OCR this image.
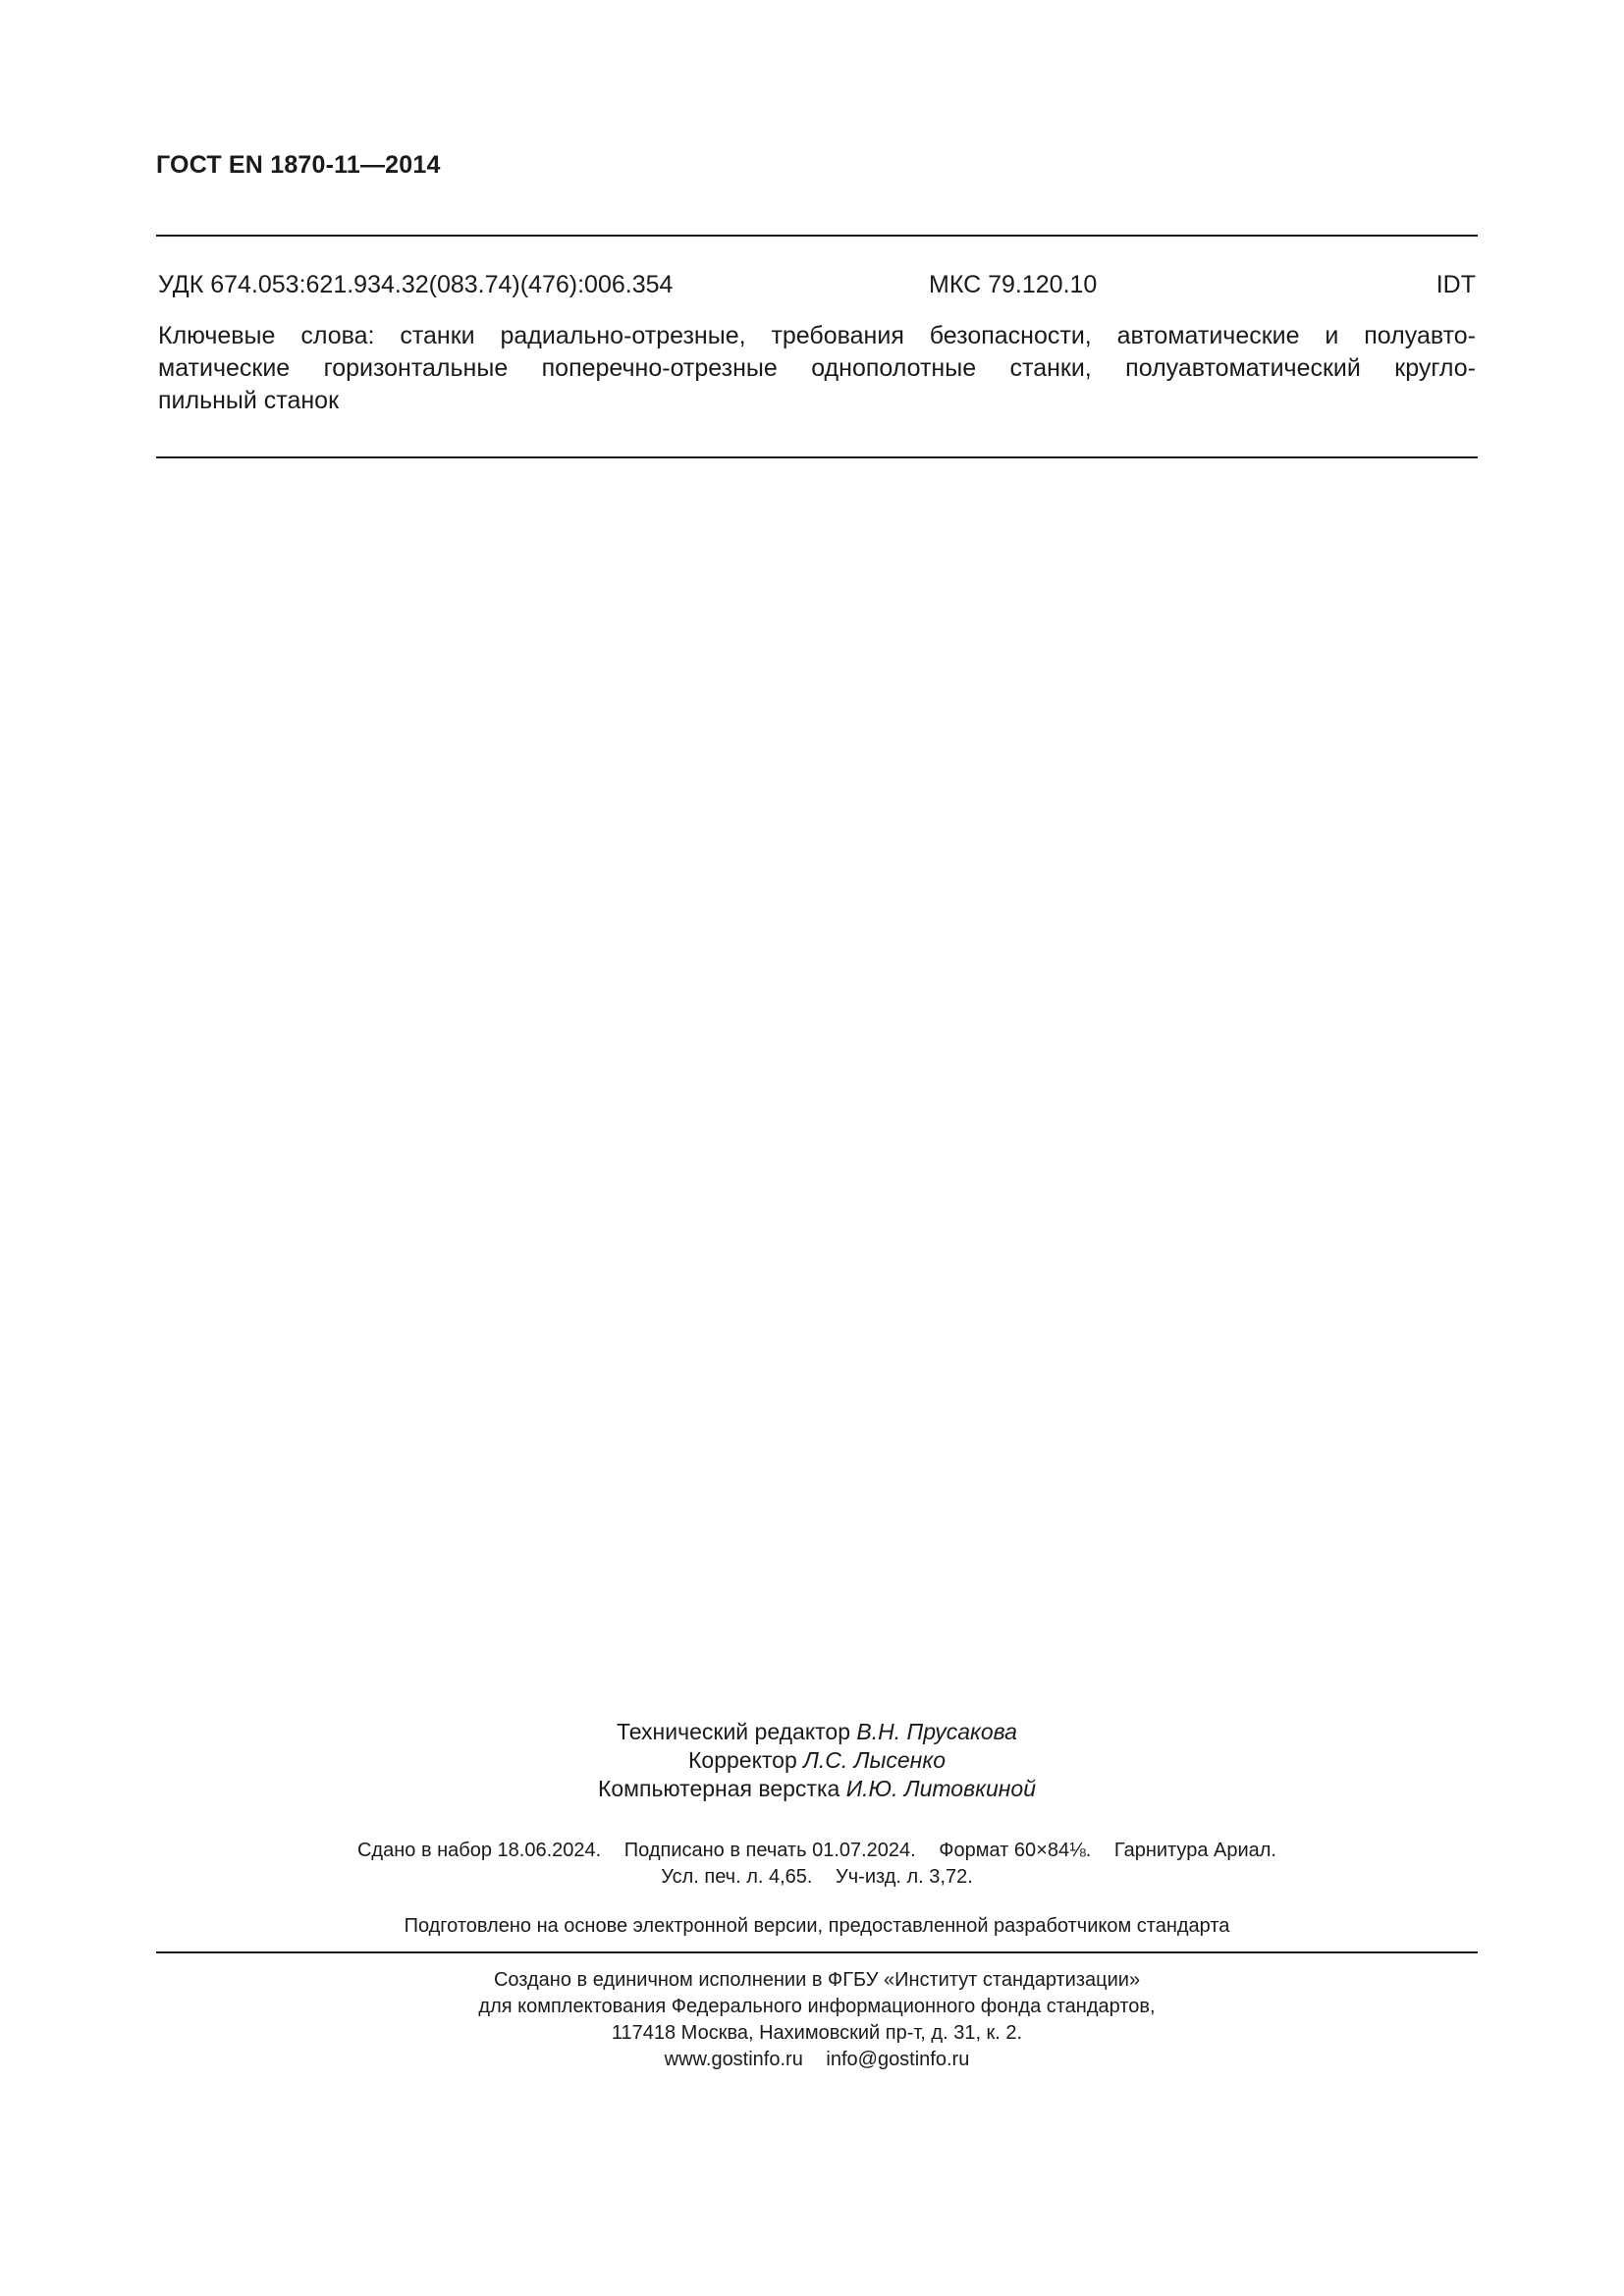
ГОСТ EN 1870-11—2014
УДК 674.053:621.934.32(083.74)(476):006.354	МКС 79.120.10	IDT
Ключевые слова: станки радиально-отрезные, требования безопасности, автоматические и полуавто-
матические горизонтальные поперечно-отрезные однополотные станки, полуавтоматический кругло-
пильный станок
Технический редактор В.Н. Прусакова
Корректор Л.С. Лысенко
Компьютерная верстка И.Ю. Литовкиной
Сдано в набор 18.06.2024. Подписано в печать 01.07.2024. Формат 60×84⅛. Гарнитура Ариал.
Усл. печ. л. 4,65. Уч-изд. л. 3,72.
Подготовлено на основе электронной версии, предоставленной разработчиком стандарта
Создано в единичном исполнении в ФГБУ «Институт стандартизации»
для комплектования Федерального информационного фонда стандартов,
117418 Москва, Нахимовский пр-т, д. 31, к. 2.
www.gostinfo.ru info@gostinfo.ru
